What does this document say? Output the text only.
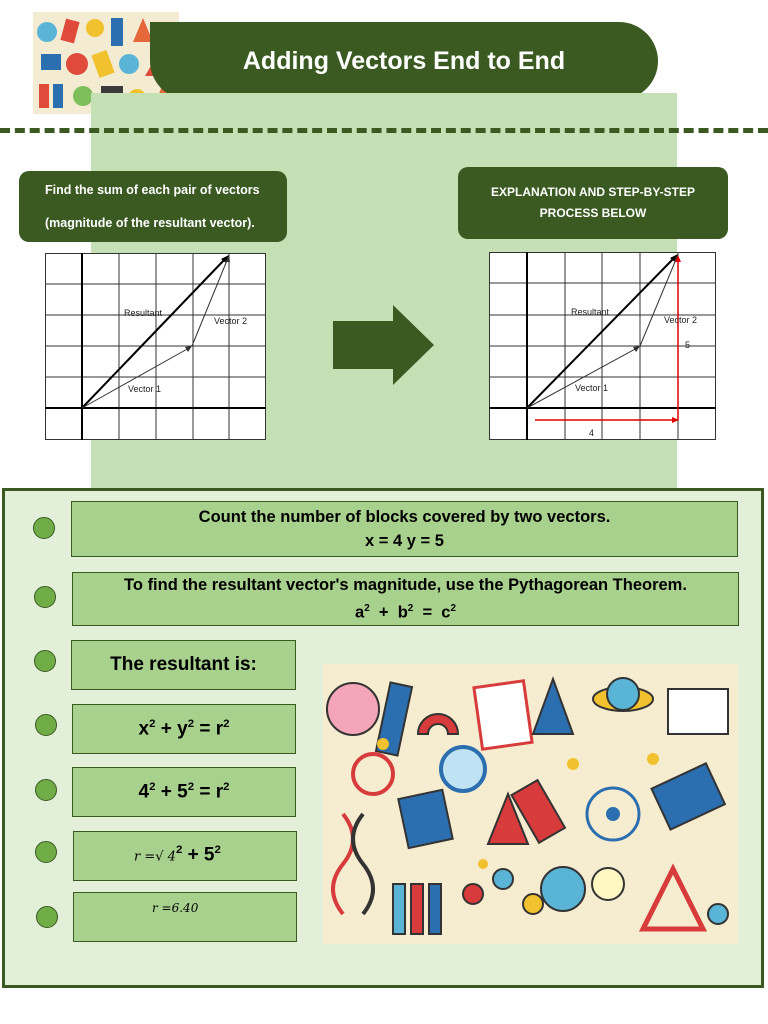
Adding Vectors End to End
Find the sum of each pair of vectors
(magnitude of the resultant vector).
EXPLANATION AND STEP-BY-STEP
PROCESS BELOW
Resultant
Vector 2
Vector 1
Resultant
Vector 2
Vector 1
4
5
Count the number of blocks covered by two vectors.
x = 4 y = 5
To find the resultant vector's magnitude, use the Pythagorean Theorem.
$a^2 + b^2 = c^2$
The resultant is:
$x^2 + y^2 = r^2$
$4^2 + 5^2 = r^2$
r =√ $4^2 + 5^2$
r =6.40
